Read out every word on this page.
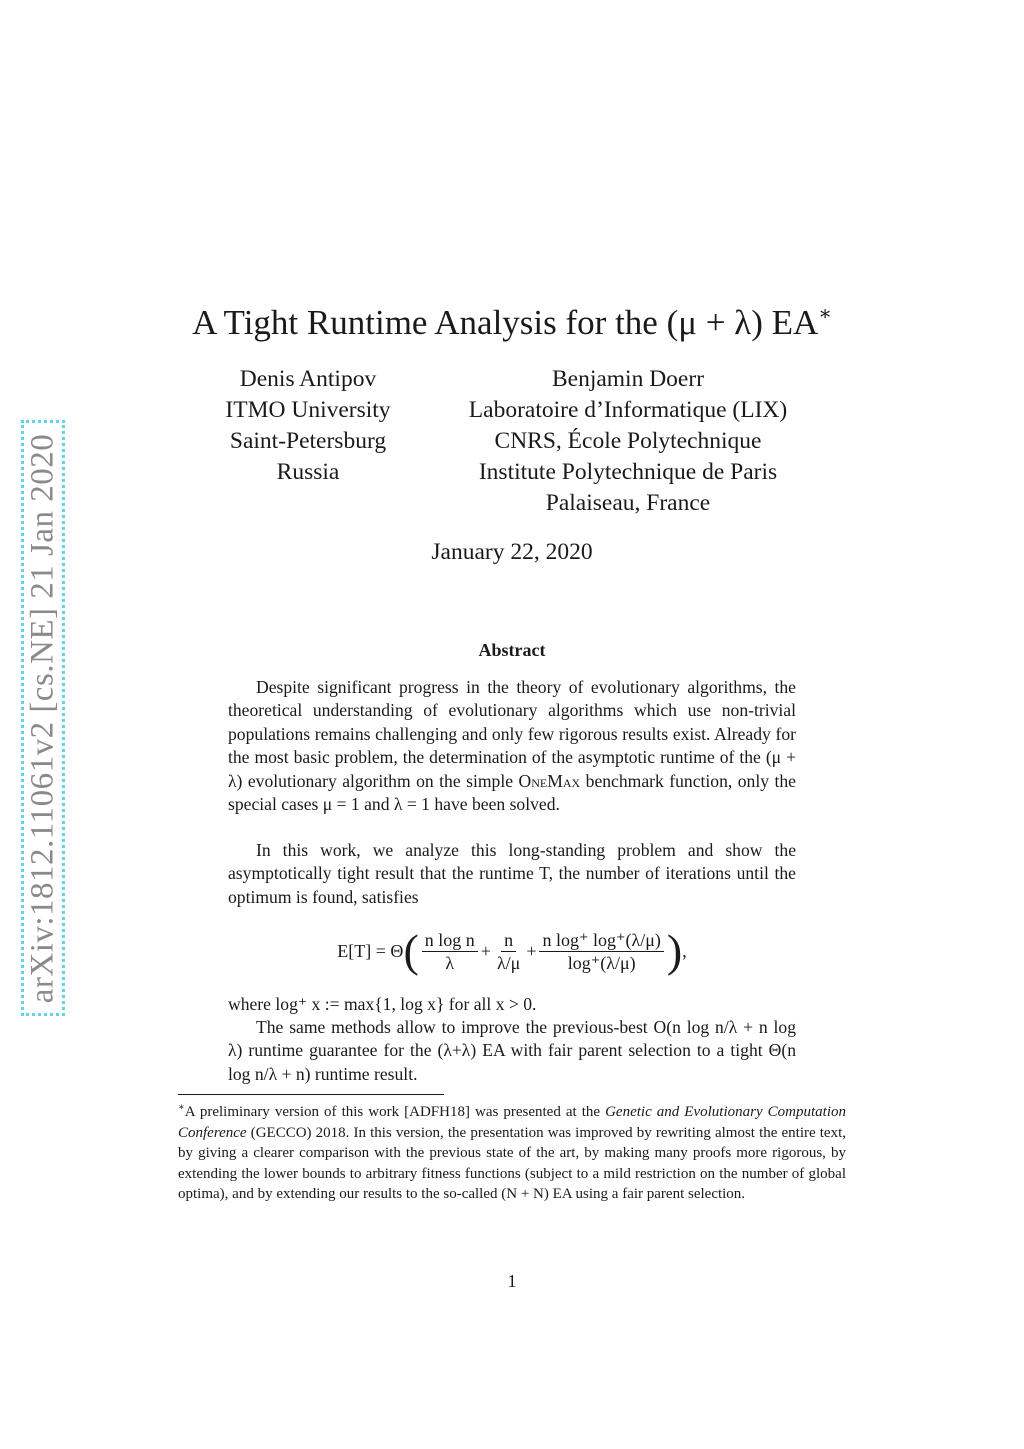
arXiv:1812.11061v2 [cs.NE] 21 Jan 2020
A Tight Runtime Analysis for the (μ + λ) EA∗
Denis Antipov
ITMO University
Saint-Petersburg
Russia
Benjamin Doerr
Laboratoire d’Informatique (LIX)
CNRS, École Polytechnique
Institute Polytechnique de Paris
Palaiseau, France
January 22, 2020
Abstract

Despite significant progress in the theory of evolutionary algorithms, the theoretical understanding of evolutionary algorithms which use non-trivial populations remains challenging and only few rigorous results exist. Already for the most basic problem, the determination of the asymptotic runtime of the (μ + λ) evolutionary algorithm on the simple OneMax benchmark function, only the special cases μ = 1 and λ = 1 have been solved.

In this work, we analyze this long-standing problem and show the asymptotically tight result that the runtime T, the number of iterations until the optimum is found, satisfies

E[T] = Θ ( $\frac{\text{n log n}}{\lambda} + \frac{n}{\lambda/\mu} + \frac{\text{n log⁺ log⁺(λ/μ)}}{\log^+(\lambda/\mu)}$ ) ,

where log⁺ x := max{1, log x} for all x > 0.

The same methods allow to improve the previous-best O(n log n/λ + n log λ) runtime guarantee for the (λ+λ) EA with fair parent selection to a tight Θ(n log n/λ + n) runtime result.

∗A preliminary version of this work [ADFH18] was presented at the Genetic and Evolutionary Computation Conference (GECCO) 2018. In this version, the presentation was improved by rewriting almost the entire text, by giving a clearer comparison with the previous state of the art, by making many proofs more rigorous, by extending the lower bounds to arbitrary fitness functions (subject to a mild restriction on the number of global optima), and by extending our results to the so-called (N + N) EA using a fair parent selection.
1
